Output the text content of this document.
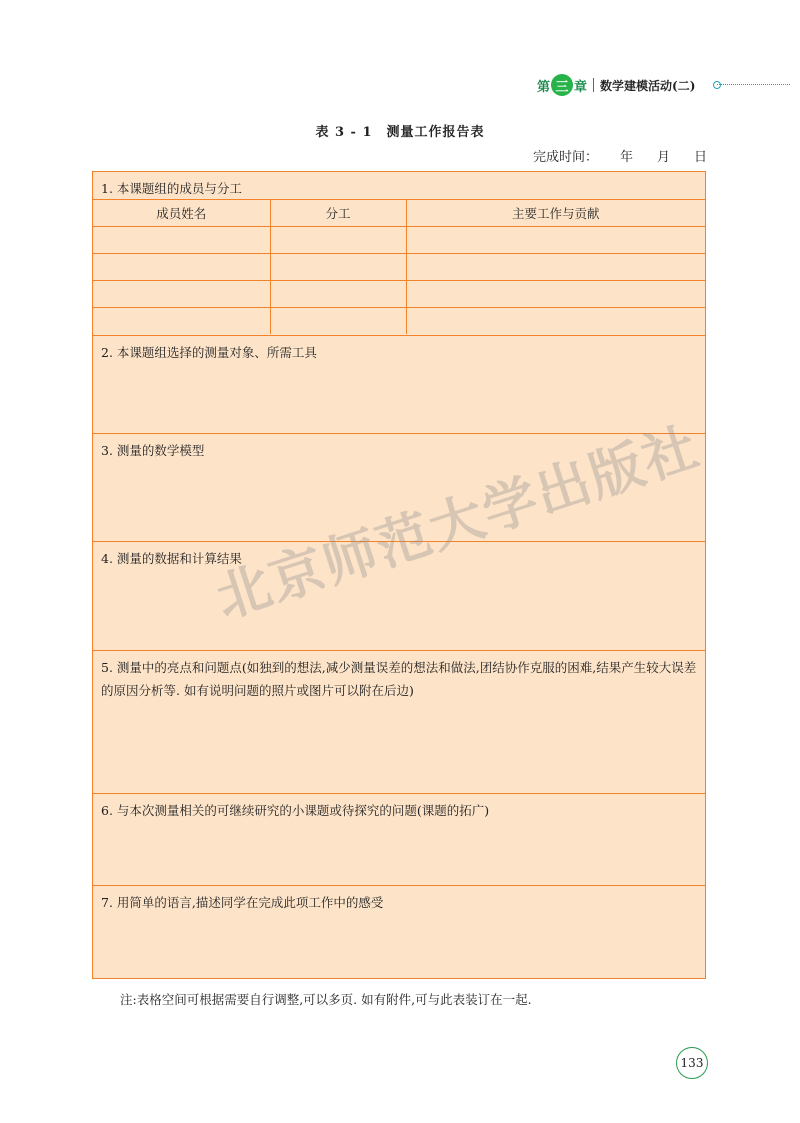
第 三 章 数学建模活动(二)
表 3 - 1　测量工作报告表
完成时间： 年 月 日
1. 本课题组的成员与分工
成员姓名	分工	主要工作与贡献

2. 本课题组选择的测量对象、所需工具
3. 测量的数学模型
4. 测量的数据和计算结果
5. 测量中的亮点和问题点(如独到的想法,减少测量误差的想法和做法,团结协作克服的困难,结果产生较大误差的原因分析等. 如有说明问题的照片或图片可以附在后边)
6. 与本次测量相关的可继续研究的小课题或待探究的问题(课题的拓广)
7. 用简单的语言,描述同学在完成此项工作中的感受
北京师范大学出版社
注:表格空间可根据需要自行调整,可以多页. 如有附件,可与此表装订在一起.
133
